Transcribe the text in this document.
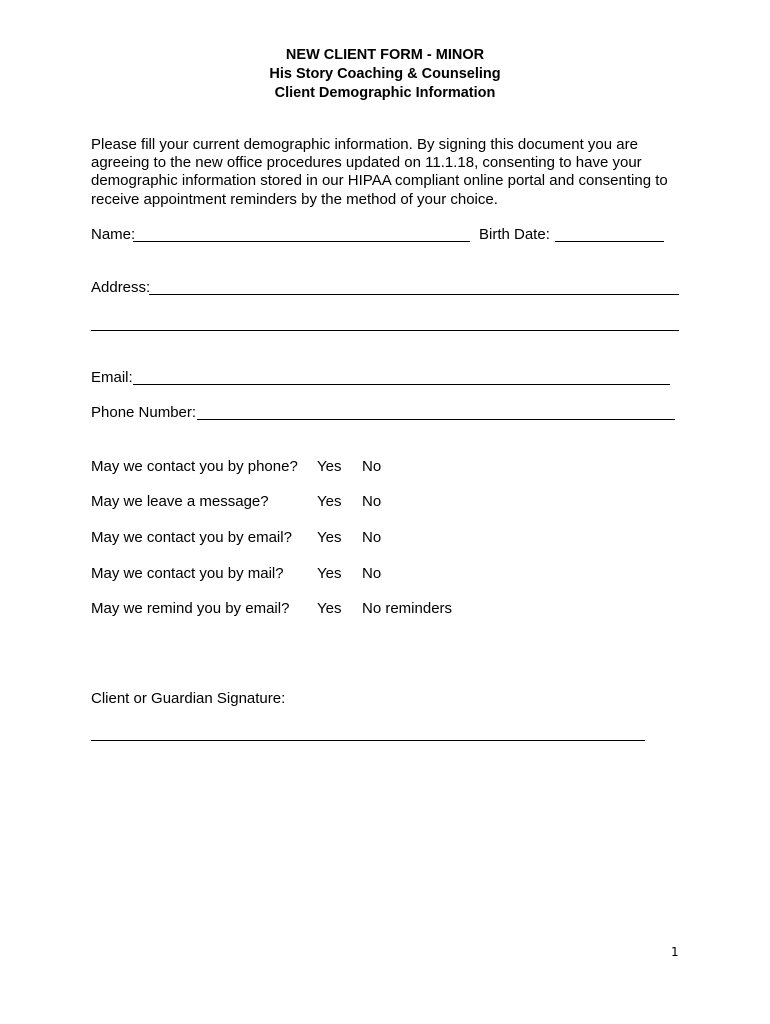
NEW CLIENT FORM - MINOR
His Story Coaching & Counseling
Client Demographic Information
Please fill your current demographic information. By signing this document you are agreeing to the new office procedures updated on 11.1.18, consenting to have your demographic information stored in our HIPAA compliant online portal and consenting to receive appointment reminders by the method of your choice.
Name:	Birth Date:
Address:
Email:
Phone Number:
May we contact you by phone? Yes No
May we leave a message?	Yes No
May we contact you by email? Yes No
May we contact you by mail? Yes No
May we remind you by email? Yes No reminders
Client or Guardian Signature:
1
